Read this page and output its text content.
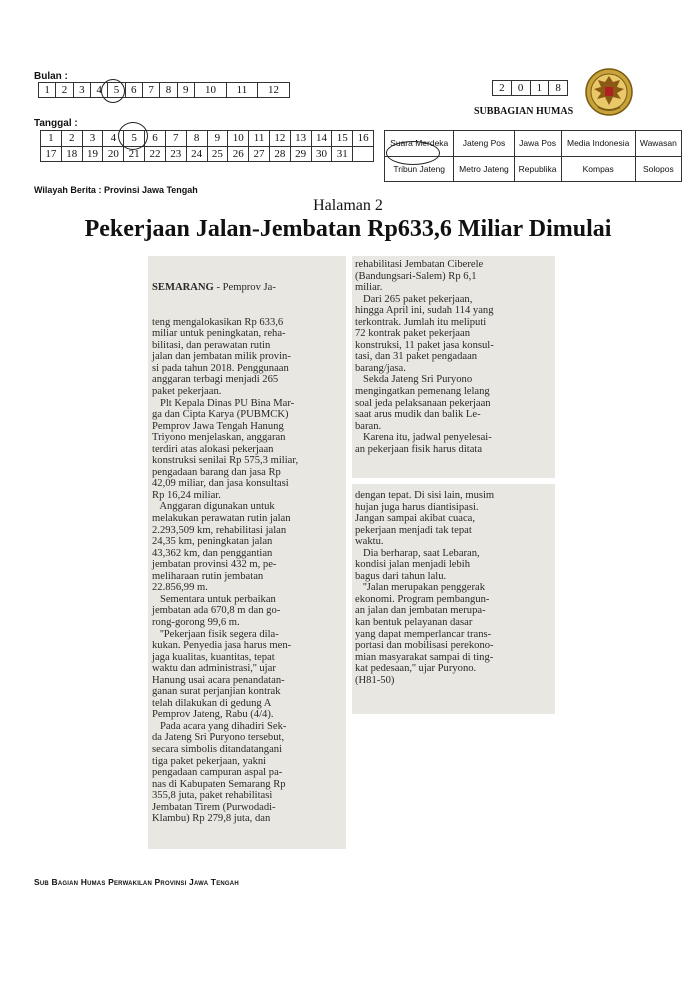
Bulan :
1	2	3	4	5	6	7	8	9	10	11	12
Tanggal :
1	2	3	4	5	6	7	8	9	10	11	12	13	14	15	16
17	18	19	20	21	22	23	24	25	26	27	28	29	30	31	
2	0	1	8
SUBBAGIAN HUMAS
Suara Merdeka	Jateng Pos	Jawa Pos	Media Indonesia	Wawasan
Tribun Jateng	Metro Jateng	Republika	Kompas	Solopos
Wilayah Berita : Provinsi Jawa Tengah
Halaman 2
Pekerjaan Jalan-Jembatan Rp633,6 Miliar Dimulai

SEMARANG - Pemprov Ja-

teng mengalokasikan Rp 633,6
miliar untuk peningkatan, reha-
bilitasi, dan perawatan rutin
jalan dan jembatan milik provin-
si pada tahun 2018. Penggunaan
anggaran terbagi menjadi 265
paket pekerjaan.
Plt Kepala Dinas PU Bina Mar-
ga dan Cipta Karya (PUBMCK)
Pemprov Jawa Tengah Hanung
Triyono menjelaskan, anggaran
terdiri atas alokasi pekerjaan
konstruksi senilai Rp 575,3 miliar,
pengadaan barang dan jasa Rp
42,09 miliar, dan jasa konsultasi
Rp 16,24 miliar.
Anggaran digunakan untuk
melakukan perawatan rutin jalan
2.293,509 km, rehabilitasi jalan
24,35 km, peningkatan jalan
43,362 km, dan penggantian
jembatan provinsi 432 m, pe-
meliharaan rutin jembatan
22.856,99 m.
Sementara untuk perbaikan
jembatan ada 670,8 m dan go-
rong-gorong 99,6 m.
''Pekerjaan fisik segera dila-
kukan. Penyedia jasa harus men-
jaga kualitas, kuantitas, tepat
waktu dan administrasi,'' ujar
Hanung usai acara penandatan-
ganan surat perjanjian kontrak
telah dilakukan di gedung A
Pemprov Jateng, Rabu (4/4).
Pada acara yang dihadiri Sek-
da Jateng Sri Puryono tersebut,
secara simbolis ditandatangani
tiga paket pekerjaan, yakni
pengadaan campuran aspal pa-
nas di Kabupaten Semarang Rp
355,8 juta, paket rehabilitasi
Jembatan Tirem (Purwodadi-
Klambu) Rp 279,8 juta, dan
rehabilitasi Jembatan Ciberele
(Bandungsari-Salem) Rp 6,1
miliar.
Dari 265 paket pekerjaan,
hingga April ini, sudah 114 yang
terkontrak. Jumlah itu meliputi
72 kontrak paket pekerjaan
konstruksi, 11 paket jasa konsul-
tasi, dan 31 paket pengadaan
barang/jasa.
Sekda Jateng Sri Puryono
mengingatkan pemenang lelang
soal jeda pelaksanaan pekerjaan
saat arus mudik dan balik Le-
baran.
Karena itu, jadwal penyelesai-
an pekerjaan fisik harus ditata
dengan tepat. Di sisi lain, musim
hujan juga harus diantisipasi.
Jangan sampai akibat cuaca,
pekerjaan menjadi tak tepat
waktu.
Dia berharap, saat Lebaran,
kondisi jalan menjadi lebih
bagus dari tahun lalu.
''Jalan merupakan penggerak
ekonomi. Program pembangun-
an jalan dan jembatan merupa-
kan bentuk pelayanan dasar
yang dapat memperlancar trans-
portasi dan mobilisasi perekono-
mian masyarakat sampai di ting-
kat pedesaan,'' ujar Puryono.
(H81-50)
Sub Bagian Humas Perwakilan Provinsi Jawa Tengah
